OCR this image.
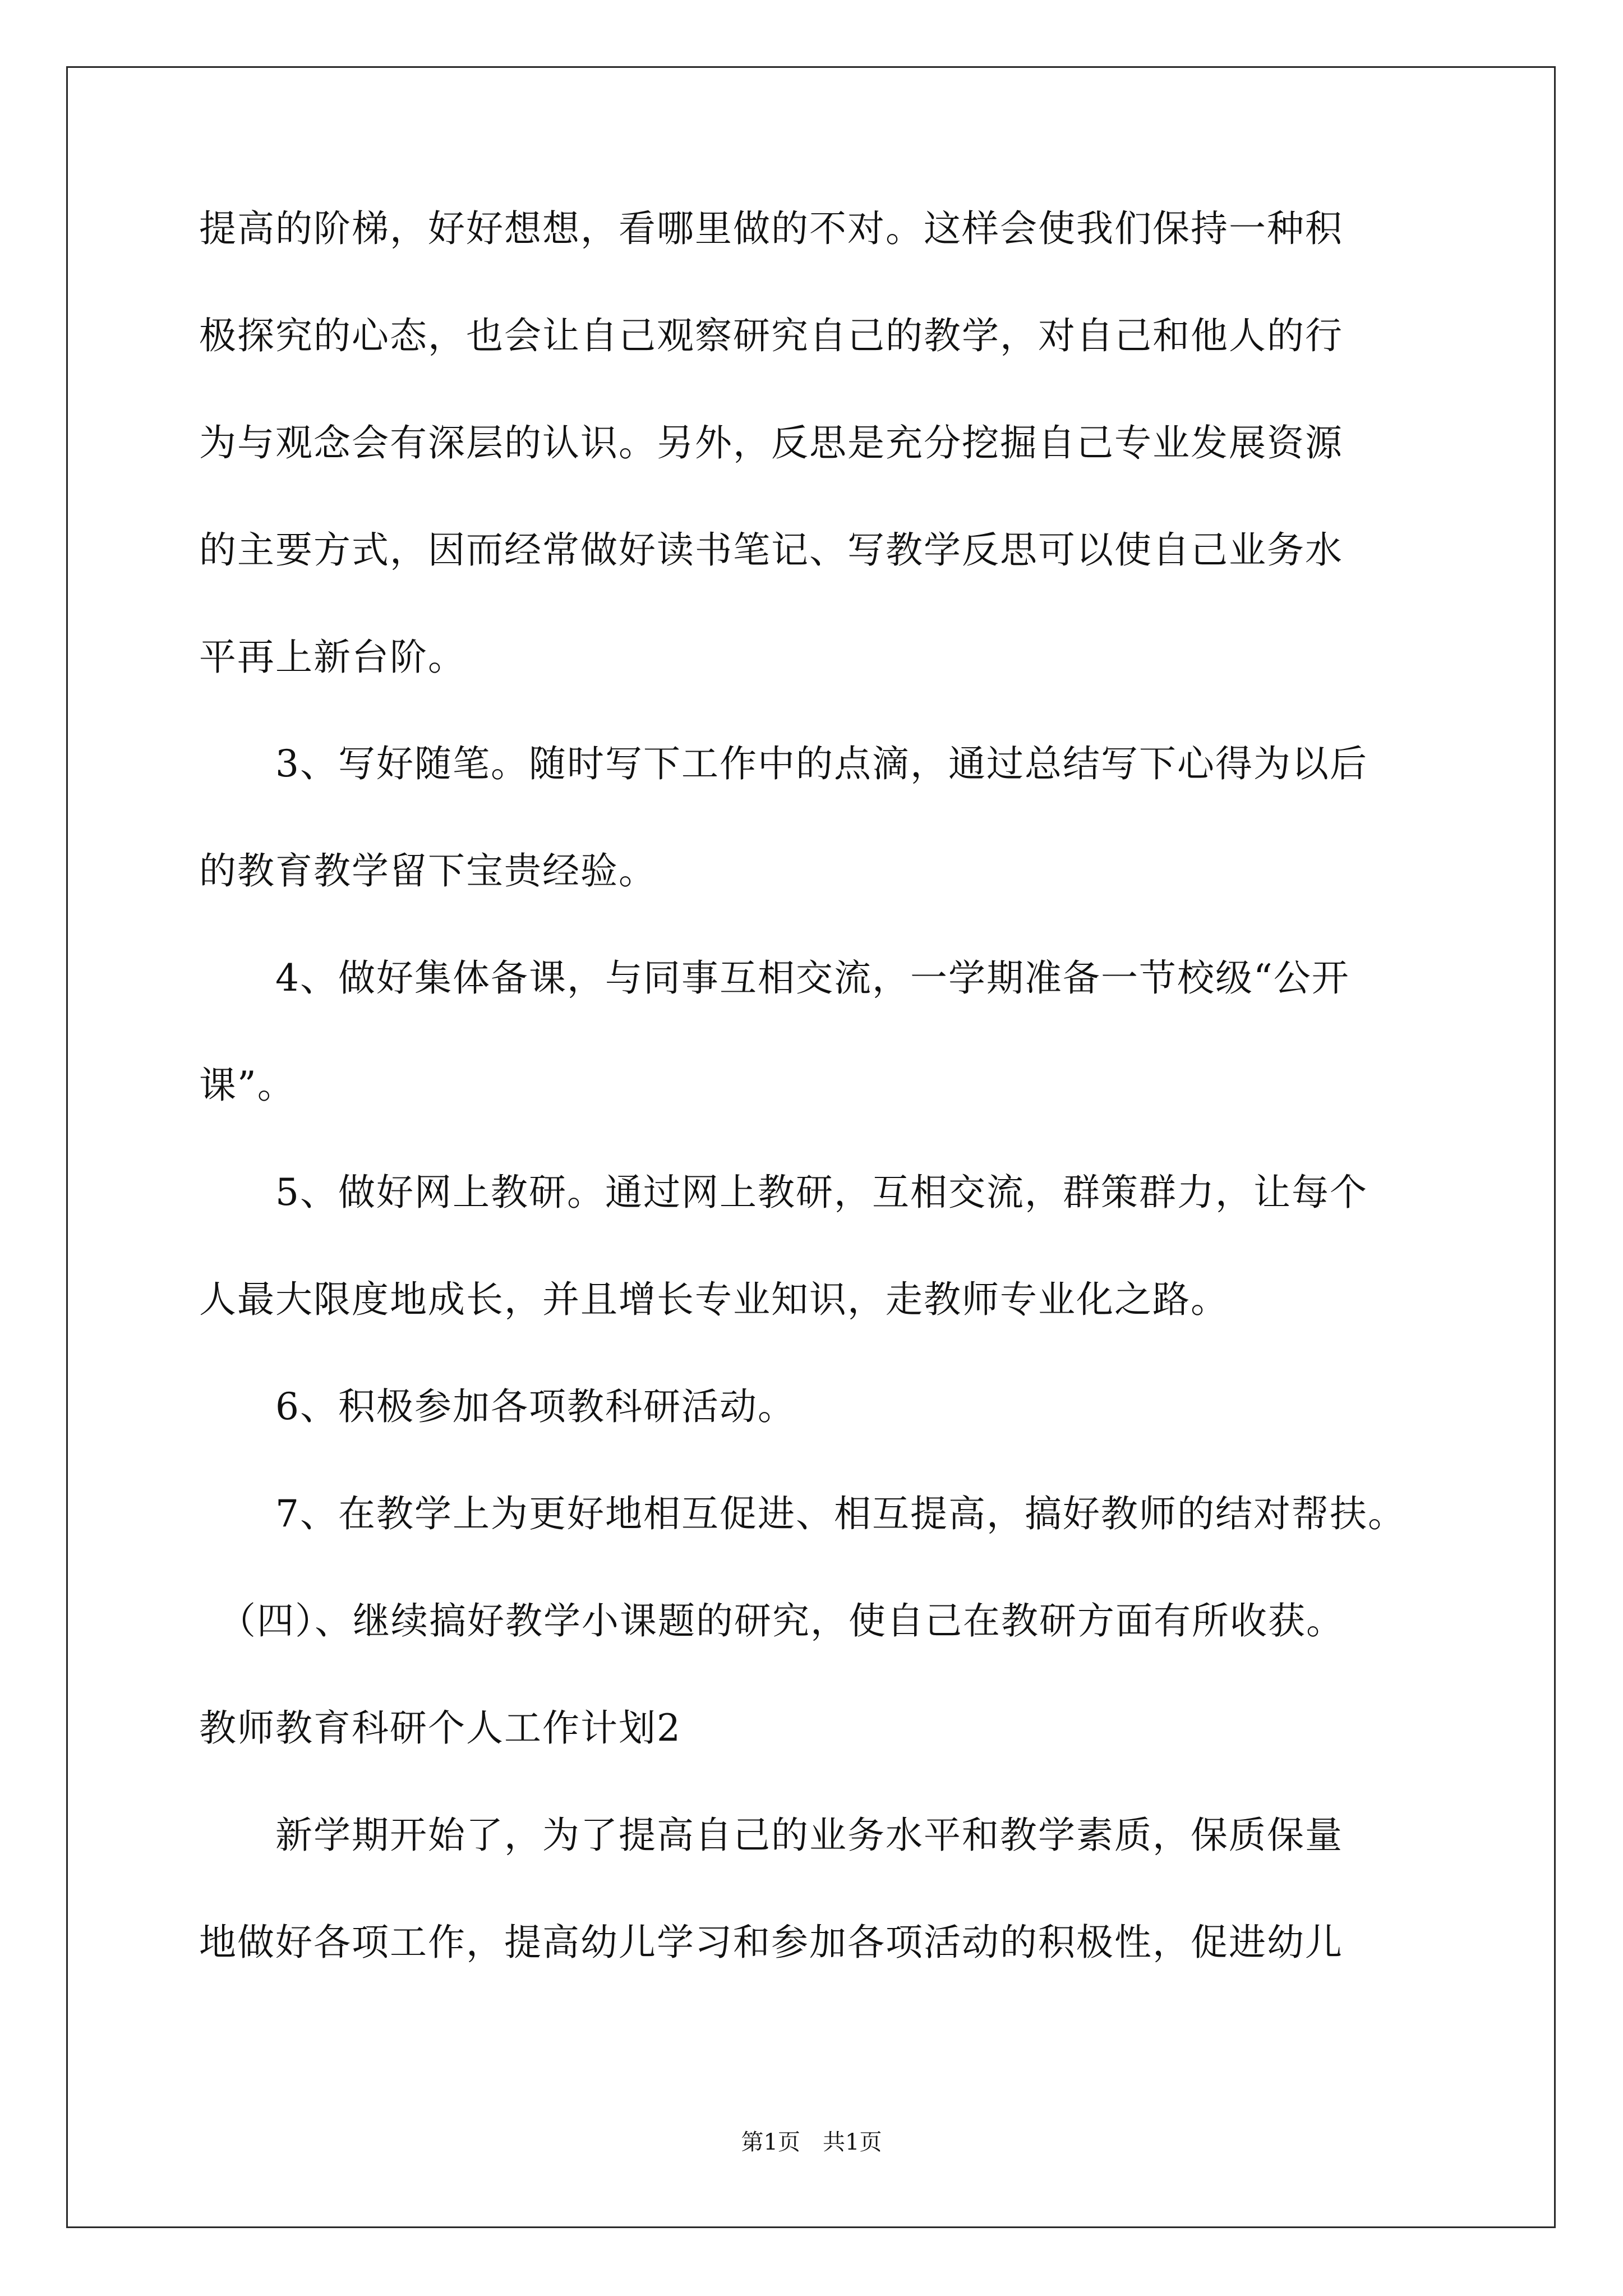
提高的阶梯，好好想想，看哪里做的不对。这样会使我们保持一种积
极探究的心态，也会让自己观察研究自己的教学，对自己和他人的行
为与观念会有深层的认识。另外，反思是充分挖掘自己专业发展资源
的主要方式，因而经常做好读书笔记、写教学反思可以使自己业务水
平再上新台阶。
　　3、写好随笔。随时写下工作中的点滴，通过总结写下心得为以后
的教育教学留下宝贵经验。
　　4、做好集体备课，与同事互相交流，一学期准备一节校级“公开
课”。
　　5、做好网上教研。通过网上教研，互相交流，群策群力，让每个
人最大限度地成长，并且增长专业知识，走教师专业化之路。
　　6、积极参加各项教科研活动。
　　7、在教学上为更好地相互促进、相互提高，搞好教师的结对帮扶。
　（四）、继续搞好教学小课题的研究，使自己在教研方面有所收获。
教师教育科研个人工作计划2
　　新学期开始了，为了提高自己的业务水平和教学素质，保质保量
地做好各项工作，提高幼儿学习和参加各项活动的积极性，促进幼儿
第1页　共1页
